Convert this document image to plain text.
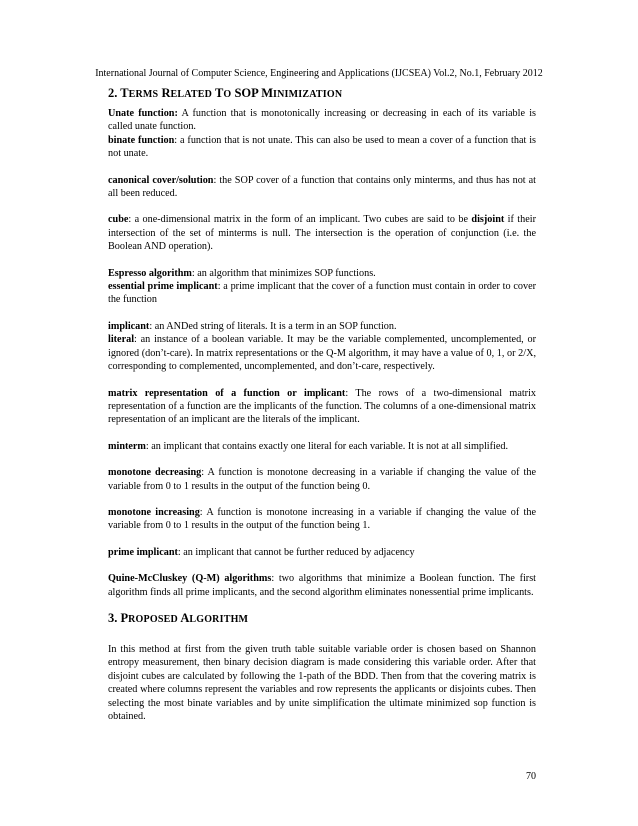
International Journal of Computer Science, Engineering and Applications (IJCSEA) Vol.2, No.1, February 2012
2. TERMS RELATED TO SOP MINIMIZATION

Unate function: A function that is monotonically increasing or decreasing in each of its variable is called unate function.

binate function: a function that is not unate. This can also be used to mean a cover of a function that is not unate.

canonical cover/solution: the SOP cover of a function that contains only minterms, and thus has not at all been reduced.

cube: a one-dimensional matrix in the form of an implicant. Two cubes are said to be disjoint if their intersection of the set of minterms is null. The intersection is the operation of conjunction (i.e. the Boolean AND operation).

Espresso algorithm: an algorithm that minimizes SOP functions.

essential prime implicant: a prime implicant that the cover of a function must contain in order to cover the function

implicant: an ANDed string of literals. It is a term in an SOP function.

literal: an instance of a boolean variable. It may be the variable complemented, uncomplemented, or ignored (don’t-care). In matrix representations or the Q-M algorithm, it may have a value of 0, 1, or 2/X, corresponding to complemented, uncomplemented, and don’t-care, respectively.

matrix representation of a function or implicant: The rows of a two-dimensional matrix representation of a function are the implicants of the function. The columns of a one-dimensional matrix representation of an implicant are the literals of the implicant.

minterm: an implicant that contains exactly one literal for each variable. It is not at all simplified.

monotone decreasing: A function is monotone decreasing in a variable if changing the value of the variable from 0 to 1 results in the output of the function being 0.

monotone increasing: A function is monotone increasing in a variable if changing the value of the variable from 0 to 1 results in the output of the function being 1.

prime implicant: an implicant that cannot be further reduced by adjacency

Quine-McCluskey (Q-M) algorithms: two algorithms that minimize a Boolean function. The first algorithm finds all prime implicants, and the second algorithm eliminates nonessential prime implicants.

3. PROPOSED ALGORITHM

In this method at first from the given truth table suitable variable order is chosen based on Shannon entropy measurement, then binary decision diagram is made considering this variable order. After that disjoint cubes are calculated by following the 1-path of the BDD. Then from that the covering matrix is created where columns represent the variables and row represents the applicants or disjoints cubes. Then selecting the most binate variables and by unite simplification the ultimate minimized sop function is obtained.

70
